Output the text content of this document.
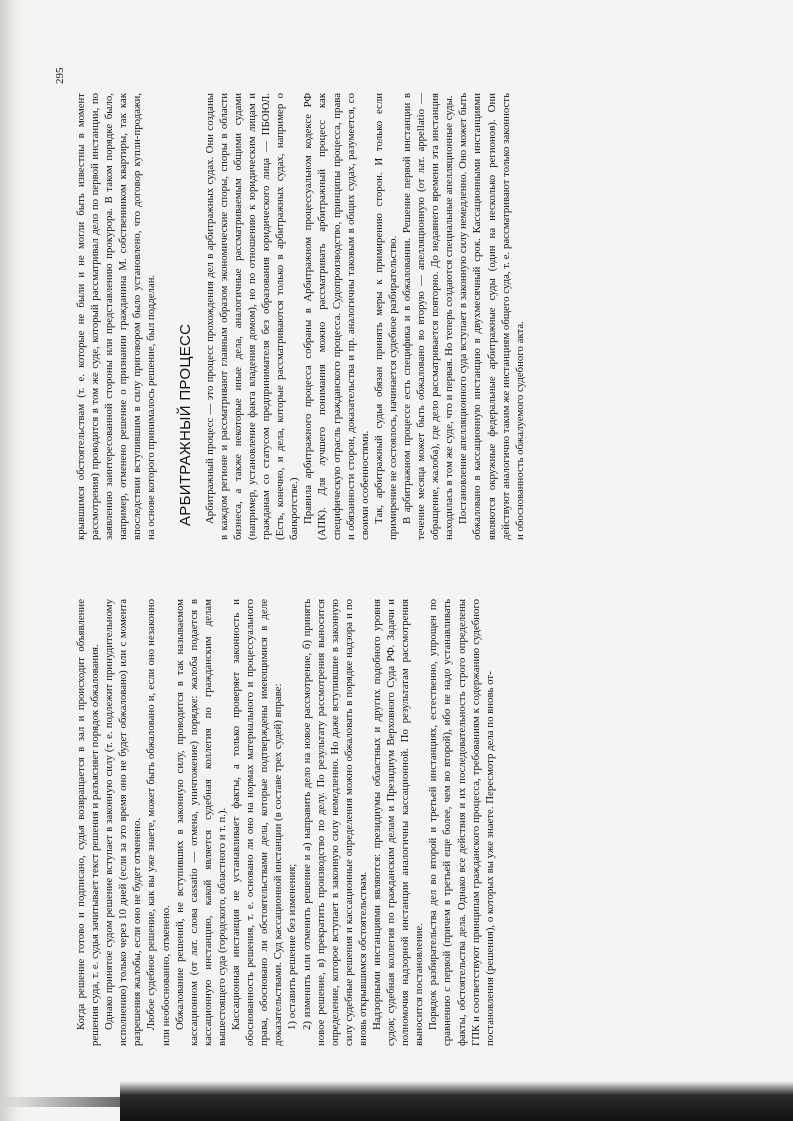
295

Когда решение готово и подписано, судья возвращается в зал и происходит объявление решения суда, т. е. судья зачитывает текст решения и разъясняет порядок обжалования. Однако принятое судом решение вступает в законную силу (т. е. подлежит принудительному исполнению) только через 10 дней (если за это время оно не будет обжаловано) или с момента разрешения жалобы, если оно не будет отменено. Любое судебное решение, как вы уже знаете, может быть обжаловано и, если оно незаконно или необоснованно, отменено. Обжалование решений, не вступивших в законную силу, проводится в так называемом кассационном (от лат. слова cassatio — отмена, уничтожение) порядке: жалоба подается в кассационную инстанцию, какой является судебная коллегия по гражданским делам вышестоящего суда (городского, областного и т. п.). Кассационная инстанция не устанавливает факты, а только проверяет законность и обоснованность решения, т. е. основано ли оно на нормах материального и процессуального права, обосновано ли обстоятельствами дела, которые подтверждены имеющимися в деле доказательствами. Суд кассационной инстанции (в составе трех судей) вправе: 1) оставить решение без изменения; 2) изменить или отменить решение и а) направить дело на новое рассмотрение, б) принять новое решение, в) прекратить производство по делу. По результату рассмотрения выносится определение, которое вступает в законную силу немедленно. Но даже вступившие в законную силу судебные решения и кассационные определения можно обжаловать в порядке надзора и по вновь открывшимся обстоятельствам. Надзорными инстанциями являются: президиумы областных и других подобного уровня судов; судебная коллегия по гражданским делам и Президиум Верховного Суда РФ. Задачи и полномочия надзорной инстанции аналогичны кассационной. По результатам рассмотрения выносится постановление. Порядок разбирательства дел во второй и третьей инстанциях, естественно, упрощен по сравнению с первой (причем в третьей еще более, чем во второй), ибо не надо устанавливать факты, обстоятельства дела. Однако все действия и их последовательность строго определены ГПК и соответствуют принципам гражданского процесса, требованиям к содержанию судебного постановления (решения), о которых вы уже знаете. Пересмотр дела по вновь от-

крывшимся обстоятельствам (т. е. которые не были и не могли быть известны в момент рассмотрения) проводится в том же суде, который рассматривал дело по первой инстанции, по заявлению заинтересованной стороны или представлению прокурора. В таком порядке было, например, отменено решение о признании гражданина М. собственником квартиры, так как впоследствии вступившим в силу приговором было установлено, что договор купли-продажи, на основе которого принималось решение, был подделан. АРБИТРАЖНЫЙ ПРОЦЕСС Арбитражный процесс — это процесс прохождения дел в арбитражных судах. Они созданы в каждом регионе и рассматривают главным образом экономические споры, споры в области бизнеса, а также некоторые иные дела, аналогичные рассматриваемым общими судами (например, установление факта владения домом), но по отношению к юридическим лицам и гражданам со статусом предпринимателя без образования юридического лица — ПБОЮЛ. (Есть, конечно, и дела, которые рассматриваются только в арбитражных судах, например о банкротстве.) Правила арбитражного процесса собраны в Арбитражном процессуальном кодексе РФ (АПК). Для лучшего понимания можно рассматривать арбитражный процесс как специфическую отрасль гражданского процесса. Судопроизводство, принципы процесса, права и обязанности сторон, доказательства и пр. аналогичны таковым в общих судах, разумеется, со своими особенностями. Так, арбитражный судья обязан принять меры к примирению сторон. И только если примирение не состоялось, начинается судебное разбирательство. В арбитражном процессе есть специфика и в обжаловании. Решение первой инстанции в течение месяца может быть обжаловано во вторую — апелляционную (от лат. appellatio — обращение, жалоба), где дело рассматривается повторно. До недавнего времени эта инстанция находилась в том же суде, что и первая. Но теперь создаются специальные апелляционные суды. Постановление апелляционного суда вступает в законную силу немедленно. Оно может быть обжаловано в кассационную инстанцию в двухмесячный срок. Кассационными инстанциями являются окружные федеральные арбитражные суды (один на несколько регионов). Они действуют аналогично таким же инстанциям общего суда, т. е. рассматривают только законность и обоснованность обжалуемого судебного акта.
